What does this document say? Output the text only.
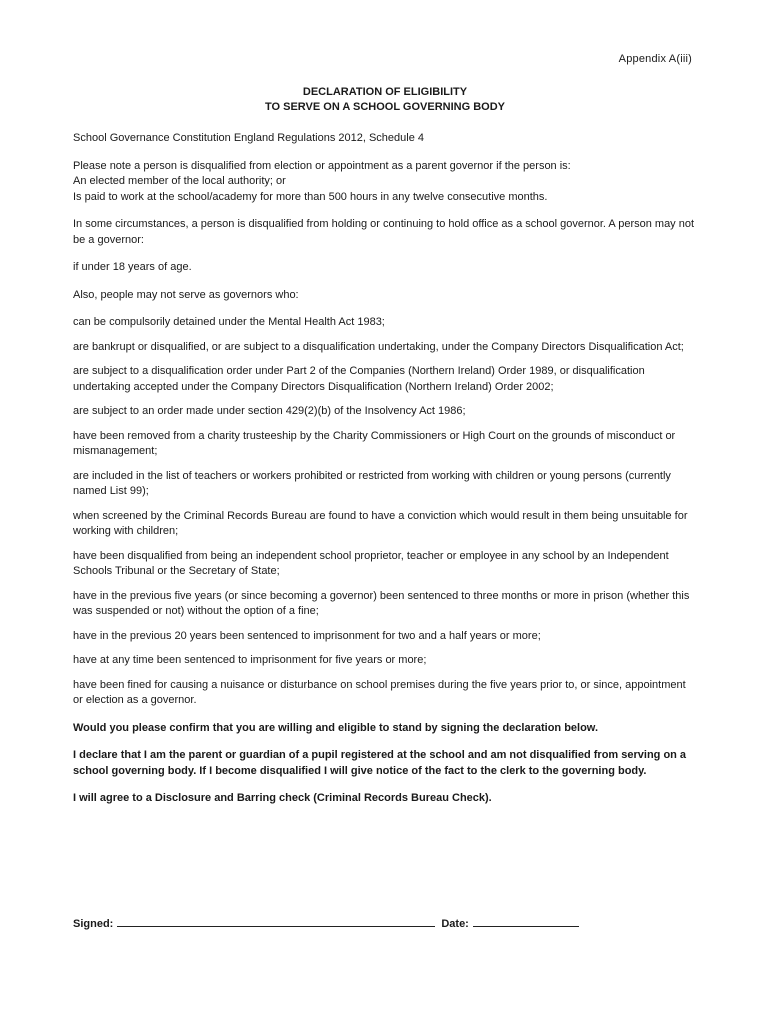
Appendix A(iii)
DECLARATION OF ELIGIBILITY
TO SERVE ON A SCHOOL GOVERNING BODY

School Governance Constitution England Regulations 2012, Schedule 4

Please note a person is disqualified from election or appointment as a parent governor if the person is:

An elected member of the local authority; or

Is paid to work at the school/academy for more than 500 hours in any twelve consecutive months.

In some circumstances, a person is disqualified from holding or continuing to hold office as a school governor. A person may not be a governor:

if under 18 years of age.

Also, people may not serve as governors who:

can be compulsorily detained under the Mental Health Act 1983;

are bankrupt or disqualified, or are subject to a disqualification undertaking, under the Company Directors Disqualification Act;

are subject to a disqualification order under Part 2 of the Companies (Northern Ireland) Order 1989, or disqualification undertaking accepted under the Company Directors Disqualification (Northern Ireland) Order 2002;

are subject to an order made under section 429(2)(b) of the Insolvency Act 1986;

have been removed from a charity trusteeship by the Charity Commissioners or High Court on the grounds of misconduct or mismanagement;

are included in the list of teachers or workers prohibited or restricted from working with children or young persons (currently named List 99);

when screened by the Criminal Records Bureau are found to have a conviction which would result in them being unsuitable for working with children;

have been disqualified from being an independent school proprietor, teacher or employee in any school by an Independent Schools Tribunal or the Secretary of State;

have in the previous five years (or since becoming a governor) been sentenced to three months or more in prison (whether this was suspended or not) without the option of a fine;

have in the previous 20 years been sentenced to imprisonment for two and a half years or more;

have at any time been sentenced to imprisonment for five years or more;

have been fined for causing a nuisance or disturbance on school premises during the five years prior to, or since, appointment or election as a governor.

Would you please confirm that you are willing and eligible to stand by signing the declaration below.

I declare that I am the parent or guardian of a pupil registered at the school and am not disqualified from serving on a school governing body. If I become disqualified I will give notice of the fact to the clerk to the governing body.

I will agree to a Disclosure and Barring check (Criminal Records Bureau Check).

Signed:	Date:
